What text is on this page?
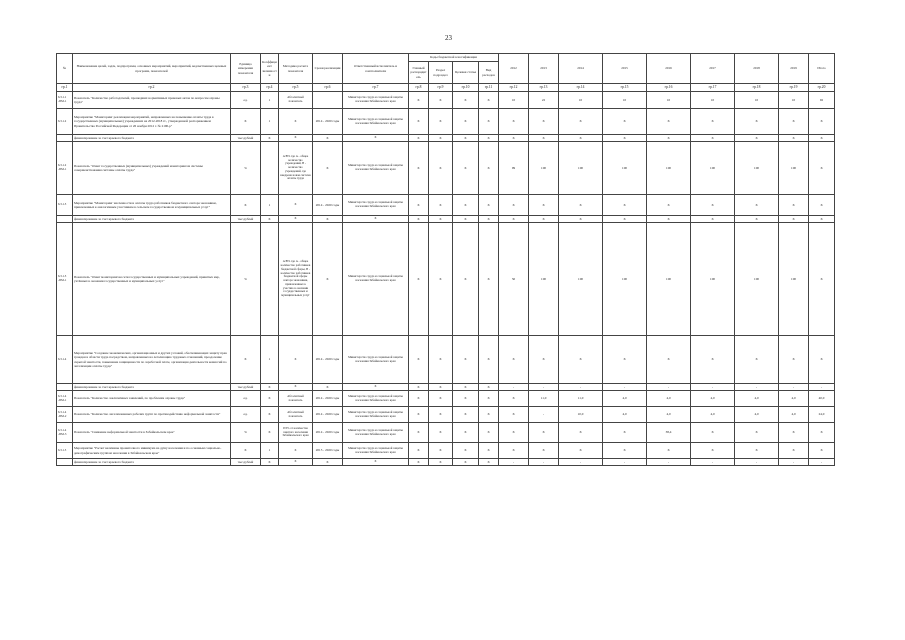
23
№	Наименование целей, задач, подпрограмм, основных мероприятий, мероприятий, ведомственных целевых программ, показателей	Единица измерения показателя	Коэффициент значимости	Методика расчета показателя	Сроки реализации	Ответственный исполнитель и соисполнители	Коды бюджетной классификации				2012	2013	2014	2015	2016	2017	2018	2019	Итого
							Главный распорядитель	Раздел подраздел	Целевая статья	Вид расходов									
гр.1	гр.2	гр.3	гр.4	гр.5	гр.6	гр.7	гр.8	гр.9	гр.10	гр.11	гр.12	гр.13	гр.14	гр.15	гр.16	гр.17	гр.18	гр.19	гр.20
6.3.1.1 -ПМ-1	Показатель "Количество работодателей, прошедших нормативных правовых актов по вопросам охраны труда"	ед.	1	Абсолютный показатель		Министерство труда и социальной защиты населения Забайкальского края	X	X	X	X	10	22	10	10	10	10	10	10	92
6.3.1.2	Мероприятие "Мониторинг реализации мероприятий, направленных на повышение оплаты труда в государственных (муниципальных) учреждениях на 2012-2018 гг., утвержденной распоряжением Правительства Российской Федерации от 26 ноября 2012 г. № 2190-р"	X	1	X	2014 - 2020 годы	Министерство труда и социальной защиты населения Забайкальского края	X	X	X	X	X	X	X	X	X	X	X	X	X
	финансирование за счет краевого бюджета	тыс.рублей	X	X	X	X	X	X	X	X	X	X	X	X	X	X	X	X	X
6.3.1.2 -ПМ-1	Показатель "Охват государственных (муниципальных) учреждений мониторингом системы совершенствования системы оплаты труда"	%		A/B% где A - общее количество учреждений, B - количество учреждений, где внедрена новая система оплаты труда	X	Министерство труда и социальной защиты населения Забайкальского края	X	X	X	X	99	100	100	100	100	100	100	100	X
6.3.1.3	Мероприятие "Мониторинг численности и оплаты труда работников бюджетного сектора экономики, привлеченных к аналогичным участникам в сельском государственном и муниципальных услуг"	X	1	X	2014 - 2020 годы	Министерство труда и социальной защиты населения Забайкальского края	X	X	X	X	X	X	X	X	X	X	X	X	X
	финансирование за счет краевого бюджета	тыс.рублей	X	X	X	X	X	X	X	X	X	X	X	X	X	X	X	X	X
6.3.1.3 -ПМ-1	Показатель "Охват мониторингом сети государственных и муниципальных учреждений, принятых мер, учтённых в оказании государственных и муниципальных услуг"	%		A/B% где A - общее количество работников бюджетной сферы, B - количество работников бюджетной сферы сектора экономики, привлеченных к участию в оказании государственных и муниципальных услуг	X	Министерство труда и социальной защиты населения Забайкальского края	X	X	X	X	50	100	100	100	100	100	100	100	X
6.3.1.4	Мероприятие "Создание экономических, организационных и других условий, обеспечивающих защиту прав граждан в области труда посредством, направленных на легализацию трудовых отношений, преодоление скрытой занятости, повышение защищенности по заработной плате, организация деятельности комиссий по легализации оплаты труда"	X	1	X	2014 - 2020 годы	Министерство труда и социальной защиты населения Забайкальского края	X	X	X	X	X	X	X	X	X	X	X	X	X
	финансирование за счет краевого бюджета	тыс.рублей	X	X	X	X	X	X	X	X	-	-	-	-	-	-	-	-	-
6.3.1.4 -ПМ-1	Показатель "Количество заключённых заявлений, по проблемам охраны труда"	ед.	X	Абсолютный показатель	2014 - 2020 годы	Министерство труда и социальной защиты населения Забайкальского края	X	X	X	X	X	11,0	11,0	4,0	4,0	4,0	4,0	4,0	40,0
6.3.1.4 -ПМ-2	Показатель "Количество легализованных рабочих групп по противодействию неформальной занятости"	ед.	X	Абсолютный показатель	2014 - 2020 годы	Министерство труда и социальной защиты населения Забайкальского края	X	X	X	X	X	-	10,0	4,0	4,0	4,0	4,0	4,0	24,0
6.3.1.4 -ПМ-3	Показатель "Снижение неформальной занятости в Забайкальском крае"	%	X	ПЗ% от количества занятого населения Забайкальского края	2014 - 2020 годы	Министерство труда и социальной защиты населения Забайкальского края	X	X	X	X	X	X	X	X	38,4	X	X	X	X
6.3.1.5	Мероприятие "Расчет величины прожиточного минимума на душу населения и по основным социально-демографическим группам населения в Забайкальском крае"	X	1	X	2015 - 2020 годы	Министерство труда и социальной защиты населения Забайкальского края	X	X	X	X	X	X	X	X	X	X	X	X	X
	финансирование за счет краевого бюджета	тыс.рублей	X	X	X	X	X	X	X	X	-	-	-	-	-	-	-	-	-
